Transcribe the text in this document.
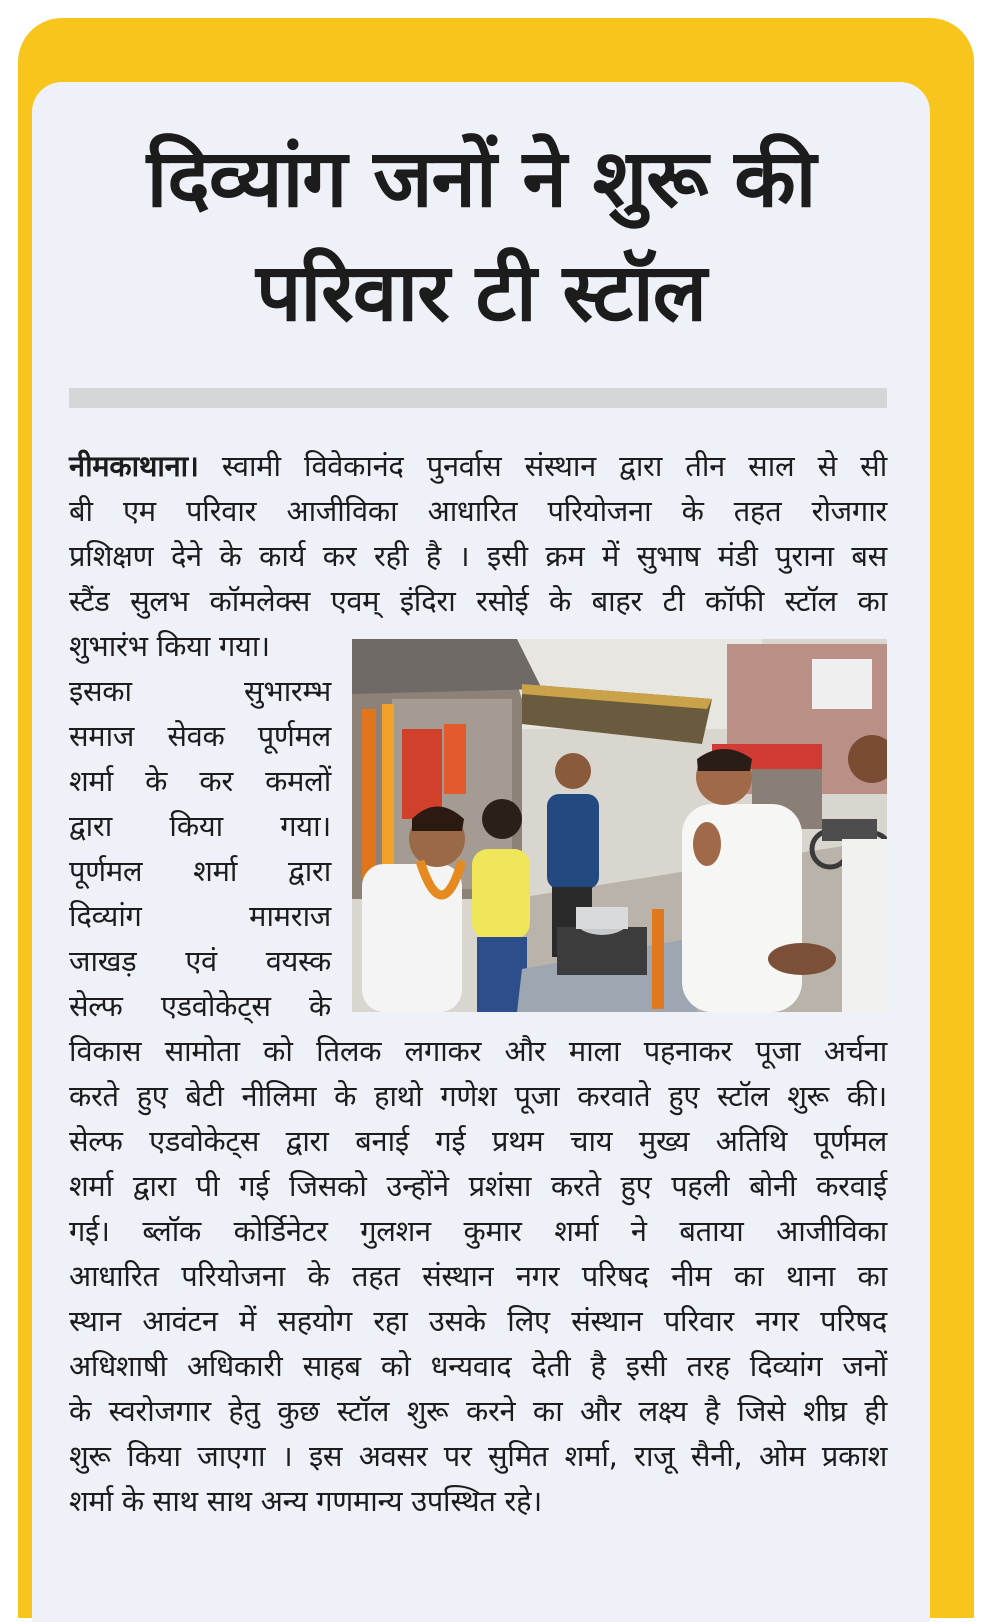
दिव्यांग जनों ने शुरू की
परिवार टी स्टॉल
नीमकाथाना। स्वामी विवेकानंद पुनर्वास संस्थान द्वारा तीन साल से सी
बी एम परिवार आजीविका आधारित परियोजना के तहत रोजगार
प्रशिक्षण देने के कार्य कर रही है । इसी क्रम में सुभाष मंडी पुराना बस
स्टैंड सुलभ कॉमलेक्स एवम् इंदिरा रसोई के बाहर टी कॉफी स्टॉल का
शुभारंभ किया गया।
इसका सुभारम्भ
समाज सेवक पूर्णमल
शर्मा के कर कमलों
द्वारा किया गया।
पूर्णमल शर्मा द्वारा
दिव्यांग मामराज
जाखड़ एवं वयस्क
सेल्फ एडवोकेट्स के
विकास सामोता को तिलक लगाकर और माला पहनाकर पूजा अर्चना
करते हुए बेटी नीलिमा के हाथो गणेश पूजा करवाते हुए स्टॉल शुरू की।
सेल्फ एडवोकेट्स द्वारा बनाई गई प्रथम चाय मुख्य अतिथि पूर्णमल
शर्मा द्वारा पी गई जिसको उन्होंने प्रशंसा करते हुए पहली बोनी करवाई
गई। ब्लॉक कोर्डिनेटर गुलशन कुमार शर्मा ने बताया आजीविका
आधारित परियोजना के तहत संस्थान नगर परिषद नीम का थाना का
स्थान आवंटन में सहयोग रहा उसके लिए संस्थान परिवार नगर परिषद
अधिशाषी अधिकारी साहब को धन्यवाद देती है इसी तरह दिव्यांग जनों
के स्वरोजगार हेतु कुछ स्टॉल शुरू करने का और लक्ष्य है जिसे शीघ्र ही
शुरू किया जाएगा । इस अवसर पर सुमित शर्मा, राजू सैनी, ओम प्रकाश
शर्मा के साथ साथ अन्य गणमान्य उपस्थित रहे।
